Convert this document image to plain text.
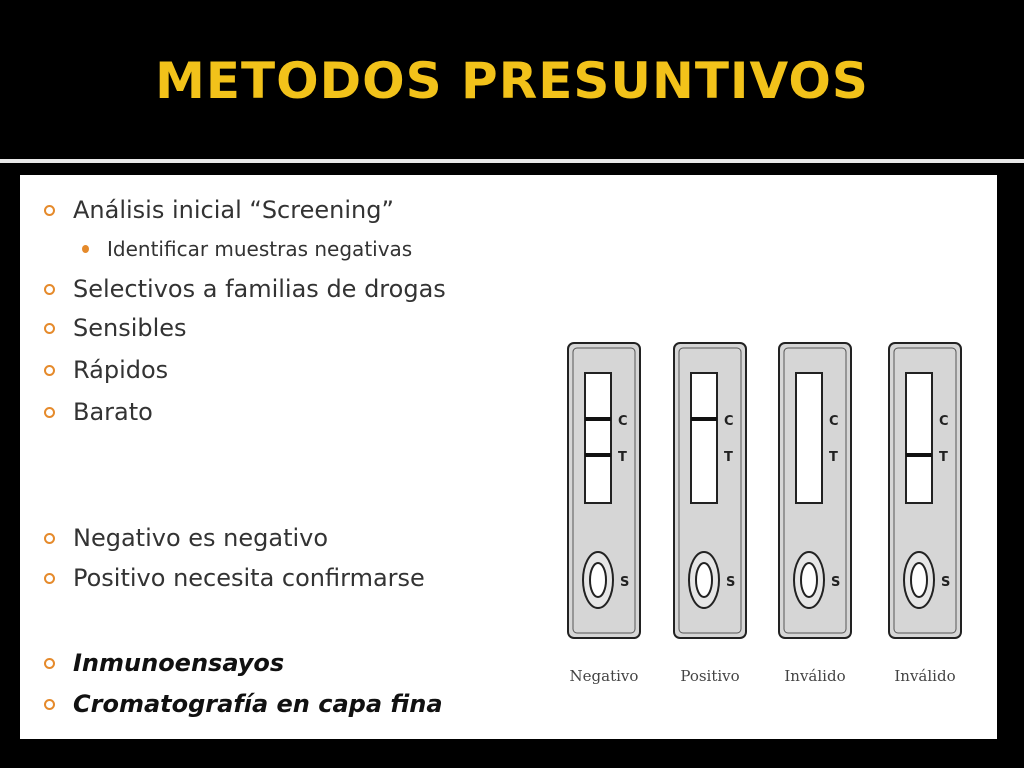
METODOS PRESUNTIVOS
Análisis inicial “Screening”
Identificar muestras negativas
Selectivos a familias de drogas
Sensibles
Rápidos
Barato
Negativo es negativo
Positivo necesita confirmarse
Inmunoensayos
Cromatografía en capa fina
C
T
S
Negativo
C
T
S
Positivo
C
T
S
Inválido
C
T
S
Inválido
